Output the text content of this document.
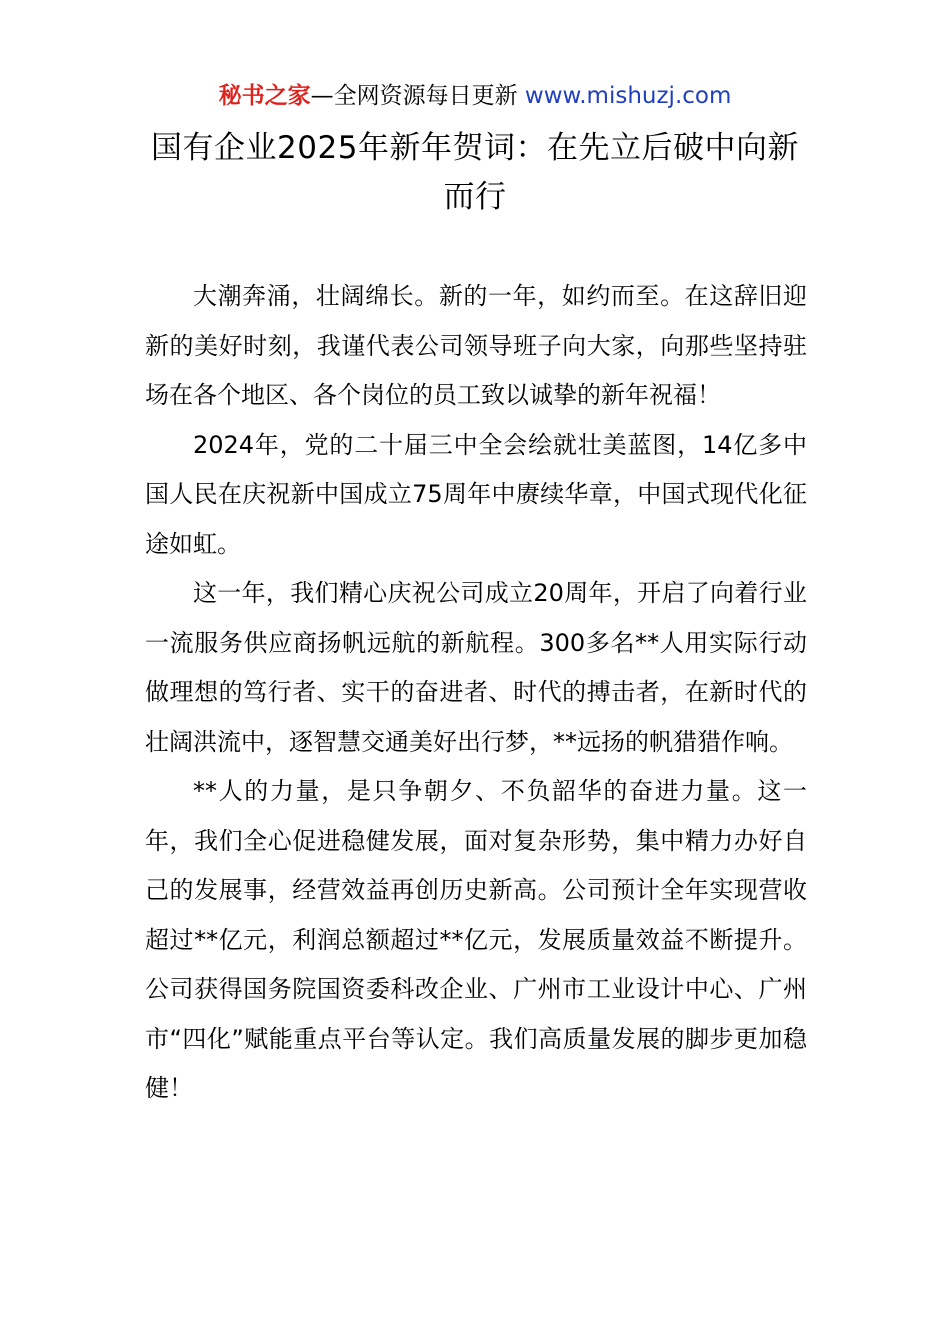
秘书之家—全网资源每日更新 www.mishuzj.com
国有企业2025年新年贺词：在先立后破中向新而行

大潮奔涌，壮阔绵长。新的一年，如约而至。在这辞旧迎新的美好时刻，我谨代表公司领导班子向大家，向那些坚持驻场在各个地区、各个岗位的员工致以诚挚的新年祝福！

2024年，党的二十届三中全会绘就壮美蓝图，14亿多中国人民在庆祝新中国成立75周年中赓续华章，中国式现代化征途如虹。

这一年，我们精心庆祝公司成立20周年，开启了向着行业一流服务供应商扬帆远航的新航程。300多名**人用实际行动做理想的笃行者、实干的奋进者、时代的搏击者，在新时代的壮阔洪流中，逐智慧交通美好出行梦，**远扬的帆猎猎作响。

**人的力量，是只争朝夕、不负韶华的奋进力量。这一年，我们全心促进稳健发展，面对复杂形势，集中精力办好自己的发展事，经营效益再创历史新高。公司预计全年实现营收超过**亿元，利润总额超过**亿元，发展质量效益不断提升。公司获得国务院国资委科改企业、广州市工业设计中心、广州市“四化”赋能重点平台等认定。我们高质量发展的脚步更加稳健！
